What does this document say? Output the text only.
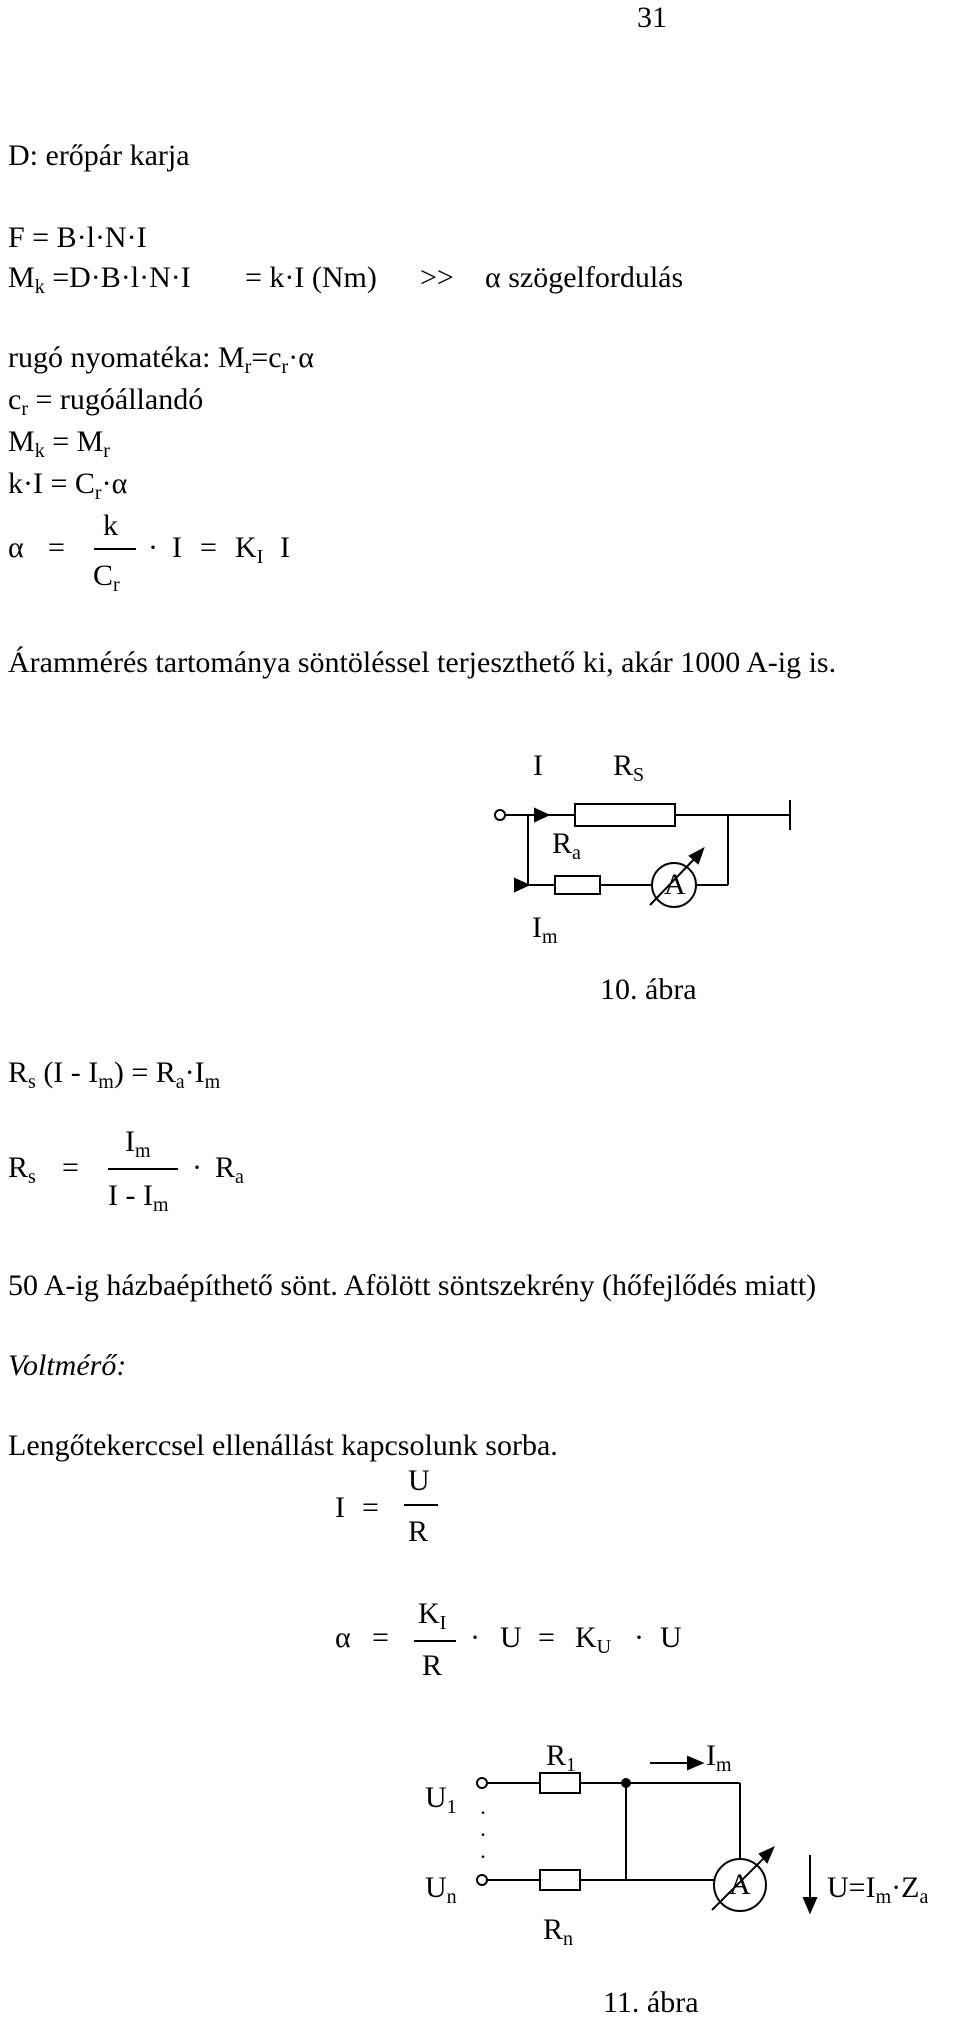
31
D: erőpár karja
F = B·l·N·I
$M_k =D\cdot B\cdot l\cdot N\cdot I = k\cdot I$ (Nm) >> α szögelfordulás
rugó nyomatéka: $M_r=c_r\cdot\alpha$
$c_r$ = rugóállandó
$M_k = M_r$
$k\cdot I = C_r\cdot\alpha$
α =
k
$C_r$
· $I = K_I$ I
Árammérés tartománya söntöléssel terjeszthető ki, akár 1000 A-ig is.
I $R_S$
$R_a$
A
$I_m$
10. ábra
$R_s$ $(I - I_m) = R_a\cdot I_m$
$R_s$ =
$I_m$
I - $I_m$
· $R_a$
50 A-ig házbaépíthető sönt. Afölött söntszekrény (hőfejlődés miatt)
Voltmérő:
Lengőtekerccsel ellenállást kapcsolunk sorba.
I =
U
R
α =
$K_I$
R
· $U = K_U \cdot U$
$R_1$	$I_m$
$U_1$ . . .
$U_n$	A	$U=I_m\cdot Z_a$
$R_n$
11. ábra
